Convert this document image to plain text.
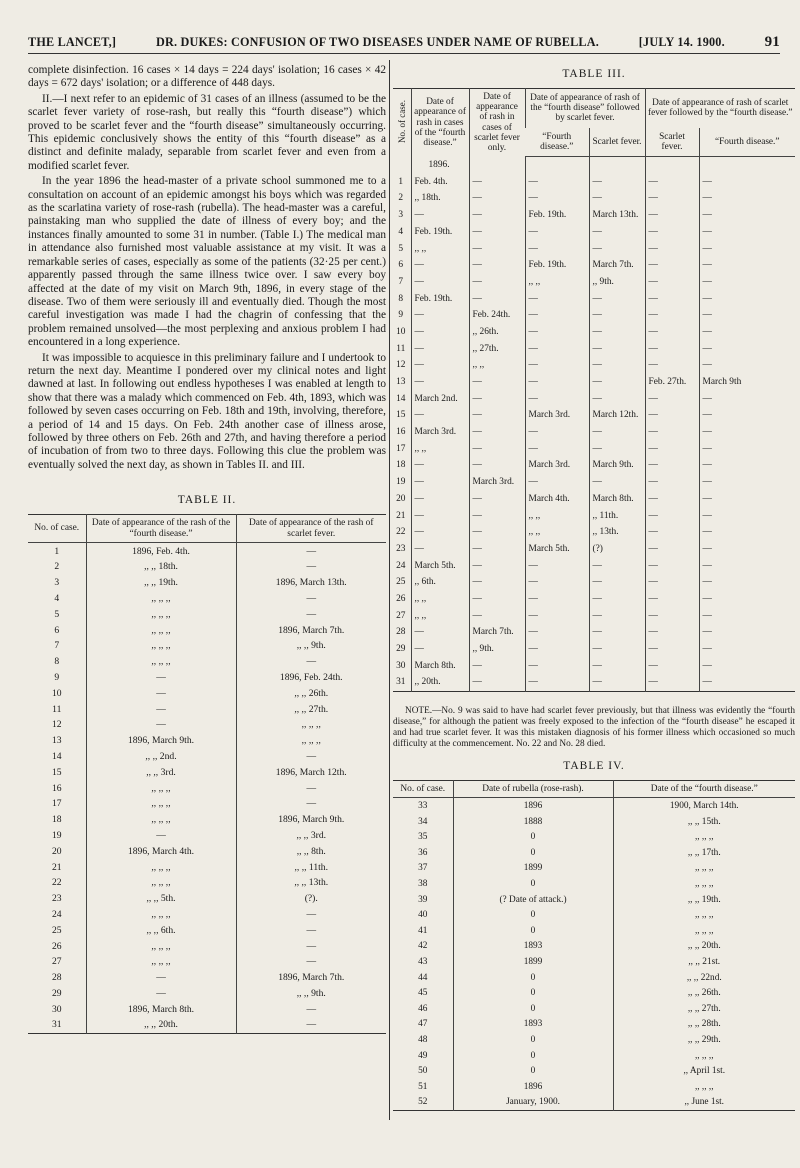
THE LANCET,]	DR. DUKES: CONFUSION OF TWO DISEASES UNDER NAME OF RUBELLA.	[JULY 14. 1900.	91

complete disinfection. 16 cases × 14 days = 224 days' isolation; 16 cases × 42 days = 672 days' isolation; or a difference of 448 days.

II.—I next refer to an epidemic of 31 cases of an illness (assumed to be the scarlet fever variety of rose-rash, but really this “fourth disease”) which proved to be scarlet fever and the “fourth disease” simultaneously occurring. This epidemic conclusively shows the entity of this “fourth disease” as a distinct and definite malady, separable from scarlet fever and even from a modified scarlet fever.

In the year 1896 the head-master of a private school summoned me to a consultation on account of an epidemic amongst his boys which was regarded as the scarlatina variety of rose-rash (rubella). The head-master was a careful, painstaking man who supplied the date of illness of every boy; and the instances finally amounted to some 31 in number. (Table I.) The medical man in attendance also furnished most valuable assistance at my visit. It was a remarkable series of cases, especially as some of the patients (32·25 per cent.) apparently passed through the same illness twice over. I saw every boy affected at the date of my visit on March 9th, 1896, in every stage of the disease. Two of them were seriously ill and eventually died. Though the most careful investigation was made I had the chagrin of confessing that the problem remained unsolved—the most perplexing and anxious problem I had encountered in a long experience.

It was impossible to acquiesce in this preliminary failure and I undertook to return the next day. Meantime I pondered over my clinical notes and light dawned at last. In following out endless hypotheses I was enabled at length to show that there was a malady which commenced on Feb. 4th, 1893, which was followed by seven cases occurring on Feb. 18th and 19th, involving, therefore, a period of 14 and 15 days. On Feb. 24th another case of illness arose, followed by three others on Feb. 26th and 27th, and having therefore a period of incubation of from two to three days. Following this clue the problem was eventually solved the next day, as shown in Tables II. and III.

TABLE II.
No. of case.	Date of appearance of the rash of the “fourth disease.”	Date of appearance of the rash of scarlet fever.
1	1896, Feb. 4th.	—
2	,, ,, 18th.	—
3	,, ,, 19th.	1896, March 13th.
4	,, ,, ,,	—
5	,, ,, ,,	—
6	,, ,, ,,	1896, March 7th.
7	,, ,, ,,	,, ,, 9th.
8	,, ,, ,,	—
9	—	1896, Feb. 24th.
10	—	,, ,, 26th.
11	—	,, ,, 27th.
12	—	,, ,, ,,
13	1896, March 9th.	,, ,, ,,
14	,, ,, 2nd.	—
15	,, ,, 3rd.	1896, March 12th.
16	,, ,, ,,	—
17	,, ,, ,,	—
18	,, ,, ,,	1896, March 9th.
19	—	,, ,, 3rd.
20	1896, March 4th.	,, ,, 8th.
21	,, ,, ,,	,, ,, 11th.
22	,, ,, ,,	,, ,, 13th.
23	,, ,, 5th.	(?).
24	,, ,, ,,	—
25	,, ,, 6th.	—
26	,, ,, ,,	—
27	,, ,, ,,	—
28	—	1896, March 7th.
29	—	,, ,, 9th.
30	1896, March 8th.	—
31	,, ,, 20th.	—
TABLE III.
No. of case.	Date of appearance of rash in cases of the “fourth disease.”	Date of appearance of rash in cases of scarlet fever only.	Date of appearance of rash of the “fourth disease” followed by scarlet fever.		Date of appearance of rash of scarlet fever followed by the “fourth disease.”	
			“Fourth disease.”	Scarlet fever.	Scarlet fever.	“Fourth disease.”
	1896.					
1	Feb. 4th.	—	—	—	—	—
2	,, 18th.	—	—	—	—	—
3	—	—	Feb. 19th.	March 13th.	—	—
4	Feb. 19th.	—	—	—	—	—
5	,, ,,	—	—	—	—	—
6	—	—	Feb. 19th.	March 7th.	—	—
7	—	—	,, ,,	,, 9th.	—	—
8	Feb. 19th.	—	—	—	—	—
9	—	Feb. 24th.	—	—	—	—
10	—	,, 26th.	—	—	—	—
11	—	,, 27th.	—	—	—	—
12	—	,, ,,	—	—	—	—
13	—	—	—	—	Feb. 27th.	March 9th
14	March 2nd.	—	—	—	—	—
15	—	—	March 3rd.	March 12th.	—	—
16	March 3rd.	—	—	—	—	—
17	,, ,,	—	—	—	—	—
18	—	—	March 3rd.	March 9th.	—	—
19	—	March 3rd.	—	—	—	—
20	—	—	March 4th.	March 8th.	—	—
21	—	—	,, ,,	,, 11th.	—	—
22	—	—	,, ,,	,, 13th.	—	—
23	—	—	March 5th.	(?)	—	—
24	March 5th.	—	—	—	—	—
25	,, 6th.	—	—	—	—	—
26	,, ,,	—	—	—	—	—
27	,, ,,	—	—	—	—	—
28	—	March 7th.	—	—	—	—
29	—	,, 9th.	—	—	—	—
30	March 8th.	—	—	—	—	—
31	,, 20th.	—	—	—	—	—

NOTE.—No. 9 was said to have had scarlet fever previously, but that illness was evidently the “fourth disease,” for although the patient was freely exposed to the infection of the “fourth disease” he escaped it and had true scarlet fever. It was this mistaken diagnosis of his former illness which occasioned so much difficulty at the commencement. No. 22 and No. 28 died.

TABLE IV.
No. of case.	Date of rubella (rose-rash).	Date of the “fourth disease.”
33	1896	1900, March 14th.
34	1888	,, ,, 15th.
35	0	,, ,, ,,
36	0	,, ,, 17th.
37	1899	,, ,, ,,
38	0	,, ,, ,,
39	(? Date of attack.)	,, ,, 19th.
40	0	,, ,, ,,
41	0	,, ,, ,,
42	1893	,, ,, 20th.
43	1899	,, ,, 21st.
44	0	,, ,, 22nd.
45	0	,, ,, 26th.
46	0	,, ,, 27th.
47	1893	,, ,, 28th.
48	0	,, ,, 29th.
49	0	,, ,, ,,
50	0	,, April 1st.
51	1896	,, ,, ,,
52	January, 1900.	,, June 1st.
